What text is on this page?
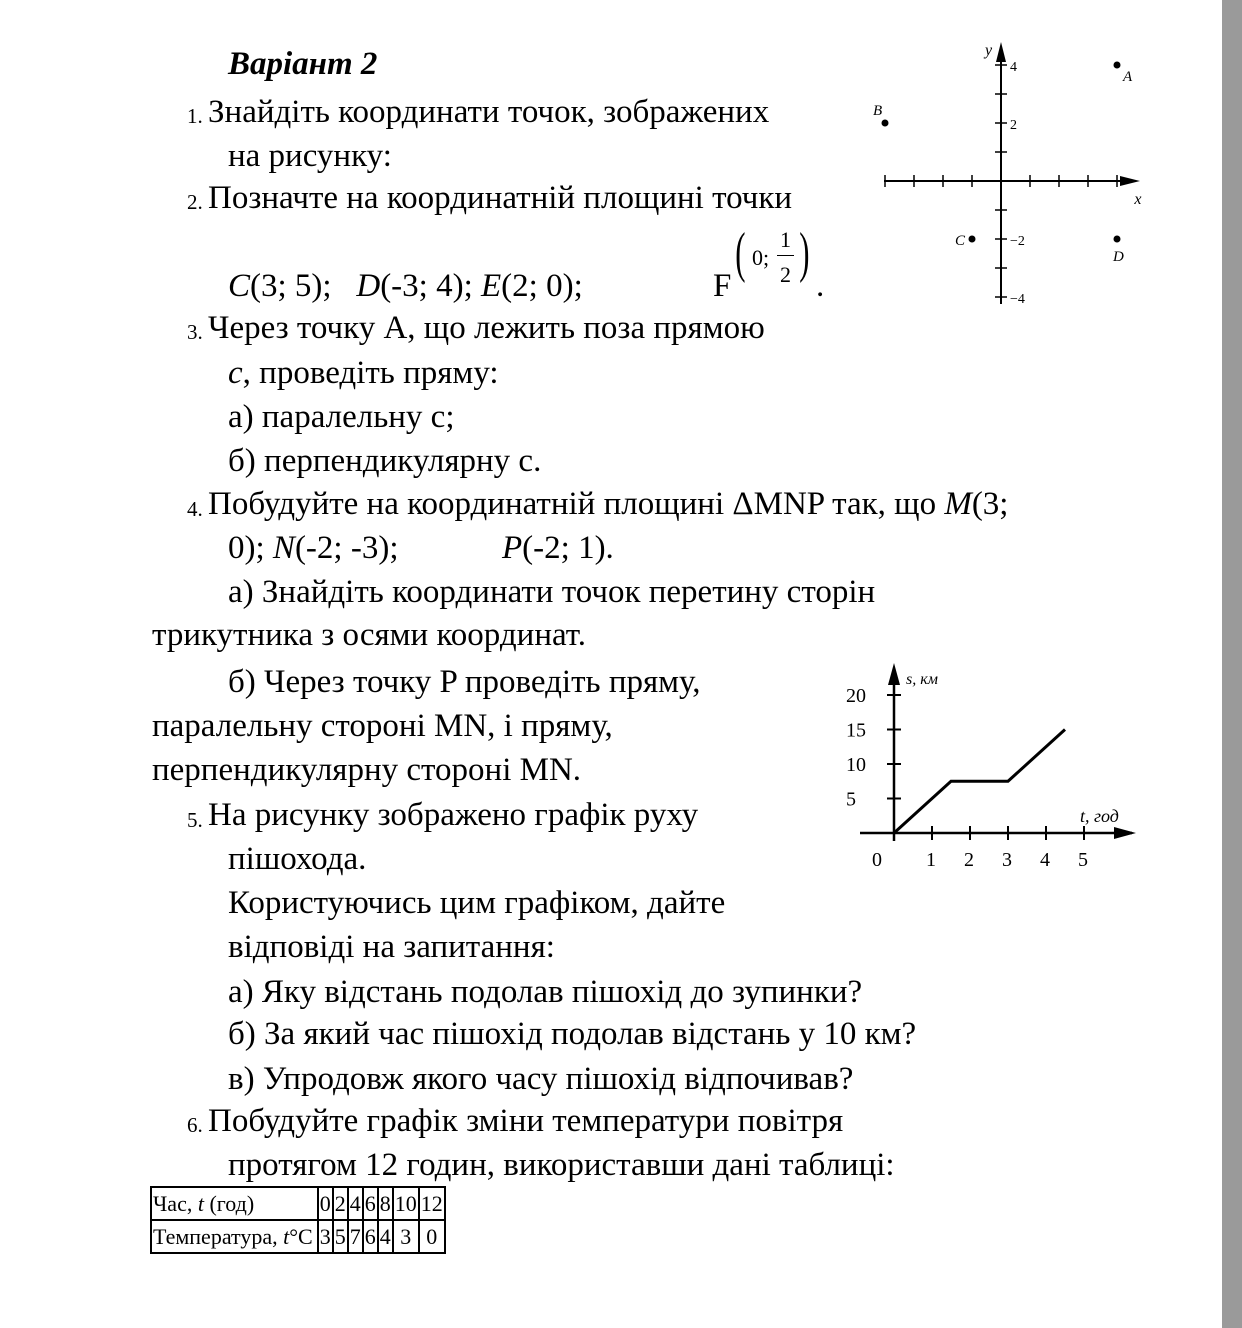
Варіант 2
1. Знайдіть координати точок, зображених
на рисунку:
2. Позначте на координатній площині точки
C(3; 5); D(-3; 4); E(2; 0);	F
( 0;
1
2 )
.
3. Через точку А, що лежить поза прямою
c, проведіть пряму:
а) паралельну с;
б) перпендикулярну с.
4. Побудуйте на координатній площині ΔMNP так, що M(3;
0); N(-2; -3);	P(-2; 1).
а) Знайдіть координати точок перетину сторін
трикутника з осями координат.
б) Через точку P проведіть пряму,
паралельну стороні MN, і пряму,
перпендикулярну стороні MN.
5. На рисунку зображено графік руху
пішохода.
Користуючись цим графіком, дайте
відповіді на запитання:
а) Яку відстань подолав пішохід до зупинки?
б) За який час пішохід подолав відстань у 10 км?
в) Упродовж якого часу пішохід відпочивав?
6. Побудуйте графік зміни температури повітря
протягом 12 годин, використавши дані таблиці:
Час, t (год)	0	2	4	6	8	10	12
Температура, t°C	3	5	7	6	4	3	0
4
2
−2
−4
x
y
A
B
C
D
0 1 2 3 4 5
5
10
15
20
s, км
t, год
